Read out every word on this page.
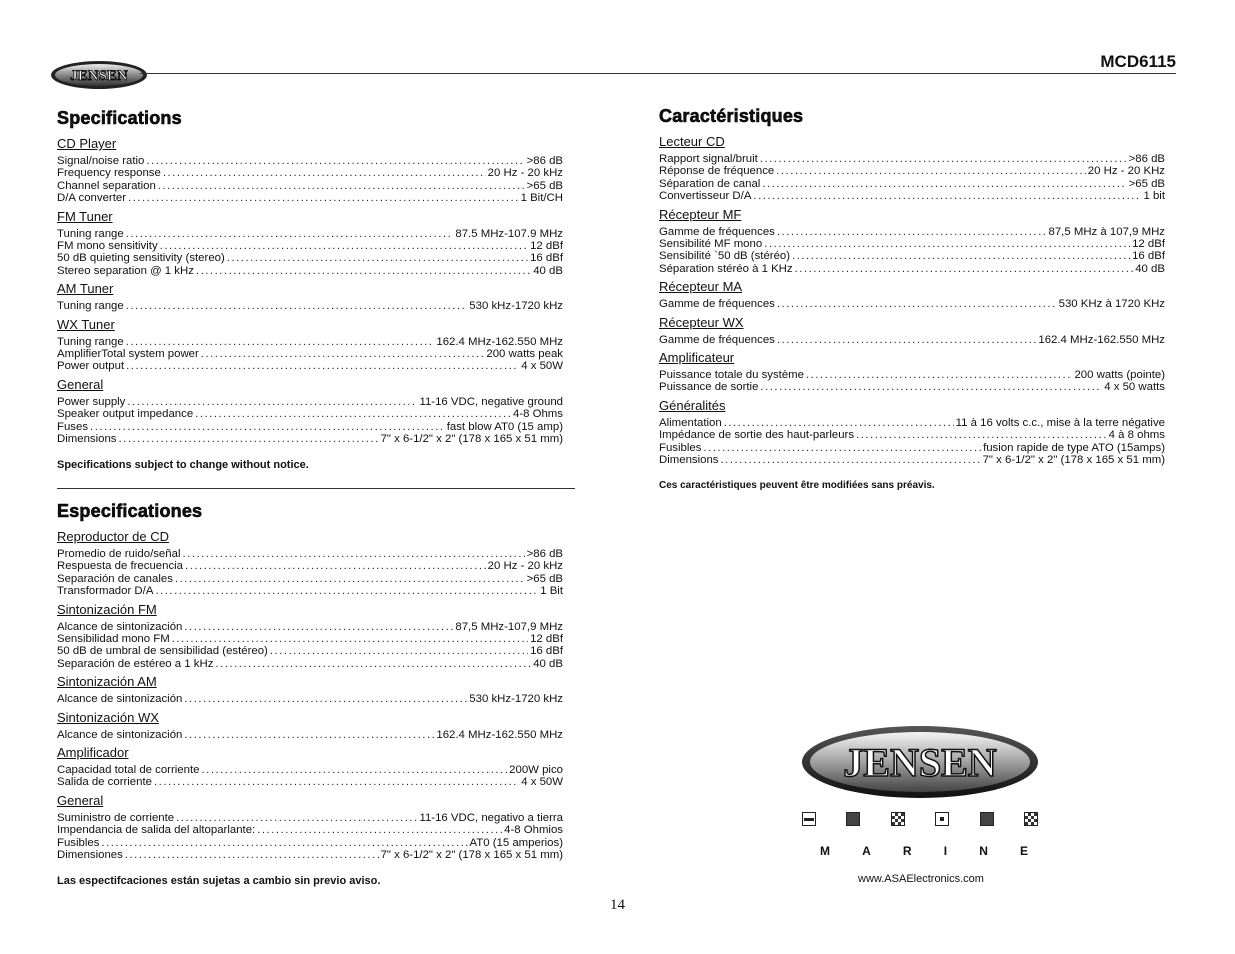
JENSEN
MCD6115
Specifications
CD Player
Signal/noise ratio .....	>86 dB
Frequency response .....	20 Hz - 20 kHz
Channel separation .....	>65 dB
D/A converter .....	1 Bit/CH
FM Tuner
Tuning range .....	87.5 MHz-107.9 MHz
FM mono sensitivity .....	12 dBf
50 dB quieting sensitivity (stereo) .....	16 dBf
Stereo separation @ 1 kHz .....	40 dB
AM Tuner
Tuning range .....	530 kHz-1720 kHz
WX Tuner
Tuning range .....	162.4 MHz-162.550 MHz
AmplifierTotal system power .....	200 watts peak
Power output .....	4 x 50W
General
Power supply .....	11-16 VDC, negative ground
Speaker output impedance .....	4-8 Ohms
Fuses .....	fast blow AT0 (15 amp)
Dimensions .....	7" x 6-1/2" x 2" (178 x 165 x 51 mm)
Specifications subject to change without notice.
Especificationes
Reproductor de CD
Promedio de ruido/señal .....	>86 dB
Respuesta de frecuencia .....	20 Hz - 20 kHz
Separación de canales .....	>65 dB
Transformador D/A .....	1 Bit
Sintonización FM
Alcance de sintonización .....	87,5 MHz-107,9 MHz
Sensibilidad mono FM .....	12 dBf
50 dB de umbral de sensibilidad (estéreo) .....	16 dBf
Separación de estéreo a 1 kHz .....	40 dB
Sintonización AM
Alcance de sintonización .....	530 kHz-1720 kHz
Sintonización WX
Alcance de sintonización .....	162.4 MHz-162.550 MHz
Amplificador
Capacidad total de corriente .....	200W pico
Salida de corriente .....	4 x 50W
General
Suministro de corriente .....	11-16 VDC, negativo a tierra
Impendancia de salida del altoparlante: .....	4-8 Ohmios
Fusibles .....	AT0 (15 amperios)
Dimensiones .....	7" x 6-1/2" x 2" (178 x 165 x 51 mm)
Las espectifcaciones están sujetas a cambio sin previo aviso.
Caractéristiques
Lecteur CD
Rapport signal/bruit .....	>86 dB
Réponse de fréquence .....	20 Hz - 20 KHz
Séparation de canal .....	>65 dB
Convertisseur D/A .....	1 bit
Récepteur MF
Gamme de fréquences .....	87,5 MHz à 107,9 MHz
Sensibilité MF mono .....	12 dBf
Sensibilité `50 dB (stéréo) .....	16 dBf
Séparation stéréo à 1 KHz .....	40 dB
Récepteur MA
Gamme de fréquences .....	530 KHz à 1720 KHz
Récepteur WX
Gamme de fréquences .....	162.4 MHz-162.550 MHz
Amplificateur
Puissance totale du système .....	200 watts (pointe)
Puissance de sortie .....	4 x 50 watts
Généralités
Alimentation .....	11 à 16 volts c.c., mise à la terre négative
Impédance de sortie des haut-parleurs .....	4 à 8 ohms
Fusibles .....	fusion rapide de type ATO (15amps)
Dimensions .....	7" x 6-1/2" x 2" (178 x 165 x 51 mm)
Ces caractéristiques peuvent être modifiées sans préavis.
JENSEN
M	A	R	I	N	E
www.ASAElectronics.com
14
